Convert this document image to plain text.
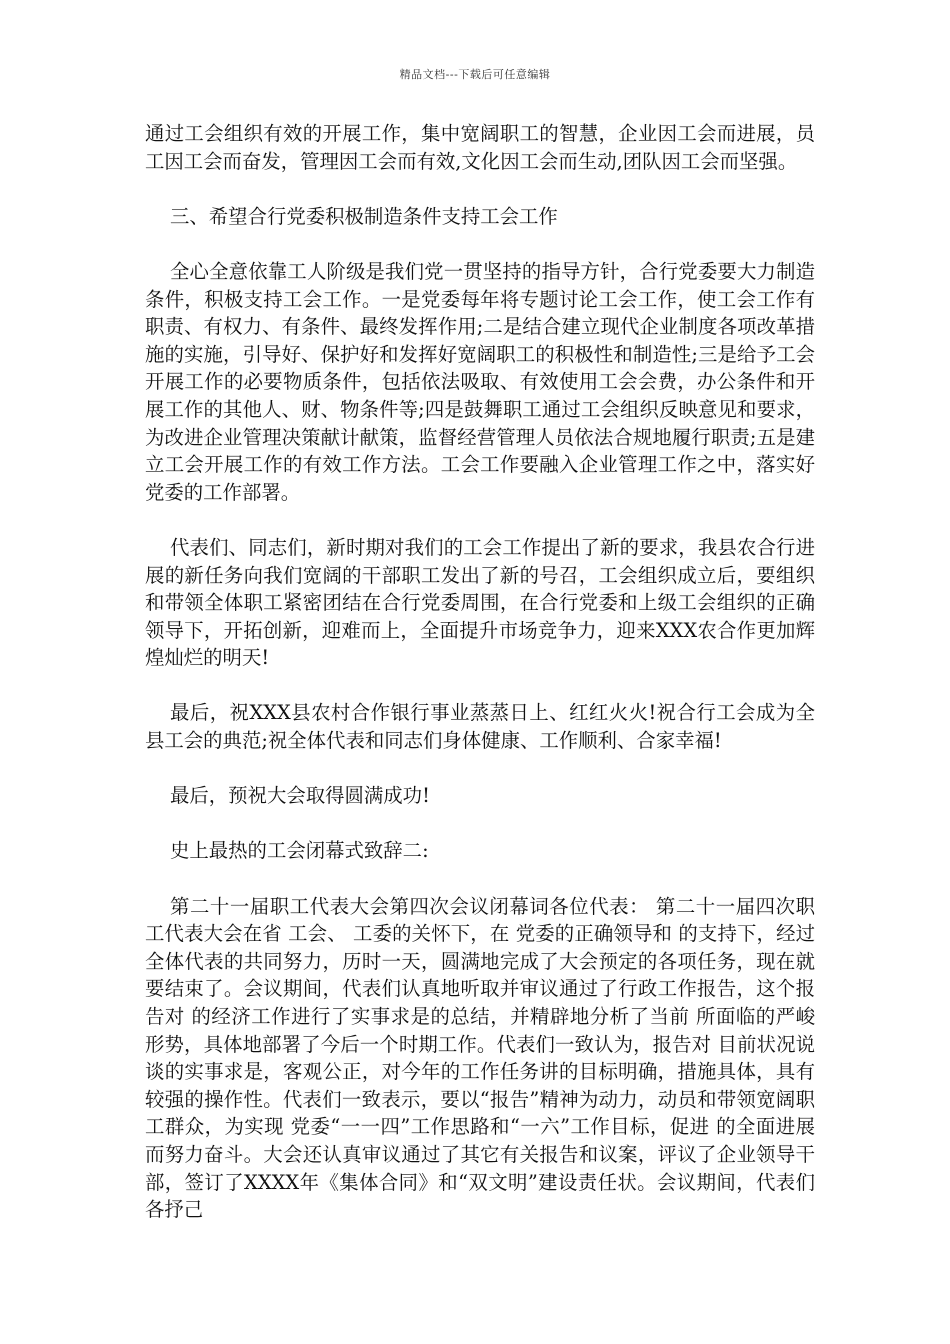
精品文档---下载后可任意编辑

通过工会组织有效的开展工作，集中宽阔职工的智慧，企业因工会而进展，员工因工会而奋发，管理因工会而有效,文化因工会而生动,团队因工会而坚强。

三、希望合行党委积极制造条件支持工会工作

全心全意依靠工人阶级是我们党一贯坚持的指导方针，合行党委要大力制造条件，积极支持工会工作。一是党委每年将专题讨论工会工作，使工会工作有职责、有权力、有条件、最终发挥作用;二是结合建立现代企业制度各项改革措施的实施，引导好、保护好和发挥好宽阔职工的积极性和制造性;三是给予工会开展工作的必要物质条件，包括依法吸取、有效使用工会会费，办公条件和开展工作的其他人、财、物条件等;四是鼓舞职工通过工会组织反映意见和要求，为改进企业管理决策献计献策，监督经营管理人员依法合规地履行职责;五是建立工会开展工作的有效工作方法。工会工作要融入企业管理工作之中，落实好党委的工作部署。

代表们、同志们，新时期对我们的工会工作提出了新的要求，我县农合行进展的新任务向我们宽阔的干部职工发出了新的号召，工会组织成立后，要组织和带领全体职工紧密团结在合行党委周围，在合行党委和上级工会组织的正确领导下，开拓创新，迎难而上，全面提升市场竞争力，迎来XXX农合作更加辉煌灿烂的明天!

最后，祝XXX县农村合作银行事业蒸蒸日上、红红火火!祝合行工会成为全县工会的典范;祝全体代表和同志们身体健康、工作顺利、合家幸福!

最后，预祝大会取得圆满成功!

史上最热的工会闭幕式致辞二:

第二十一届职工代表大会第四次会议闭幕词各位代表： 第二十一届四次职工代表大会在省 工会、 工委的关怀下，在 党委的正确领导和 的支持下，经过全体代表的共同努力，历时一天，圆满地完成了大会预定的各项任务，现在就要结束了。会议期间，代表们认真地听取并审议通过了行政工作报告，这个报告对 的经济工作进行了实事求是的总结，并精辟地分析了当前 所面临的严峻形势，具体地部署了今后一个时期工作。代表们一致认为，报告对 目前状况说谈的实事求是，客观公正，对今年的工作任务讲的目标明确，措施具体，具有较强的操作性。代表们一致表示，要以“报告”精神为动力，动员和带领宽阔职工群众，为实现 党委“一一四”工作思路和“一六”工作目标，促进 的全面进展而努力奋斗。大会还认真审议通过了其它有关报告和议案，评议了企业领导干部，签订了XXXX年《集体合同》和“双文明”建设责任状。会议期间，代表们各抒己
